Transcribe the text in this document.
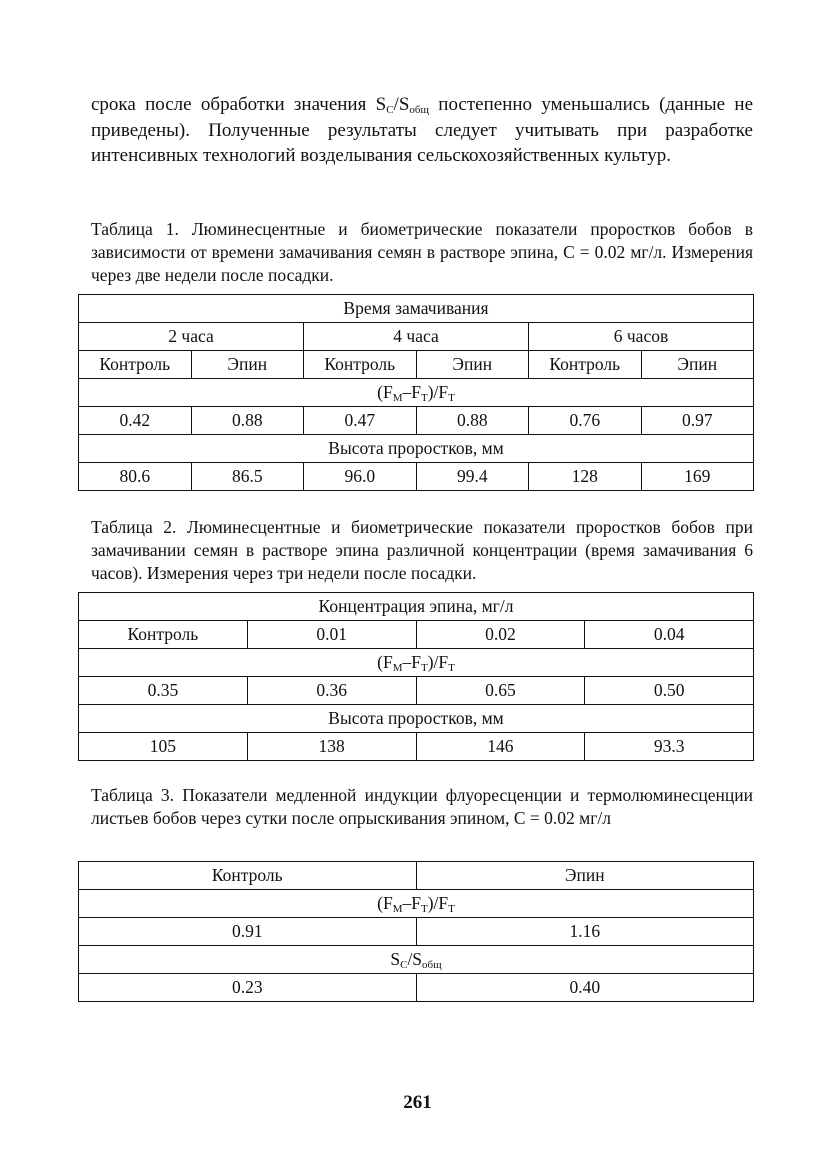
срока после обработки значения $S_C/S_{общ}$ постепенно уменьшались (данные не приведены). Полученные результаты следует учитывать при разработке интенсивных технологий возделывания сельскохозяйственных культур.

Таблица 1. Люминесцентные и биометрические показатели проростков бобов в зависимости от времени замачивания семян в растворе эпина, C = 0.02 мг/л. Измерения через две недели после посадки.

Время замачивания					
2 часа		4 часа		6 часов	
Контроль	Эпин	Контроль	Эпин	Контроль	Эпин
$(F_M-F_T)/F_T$
0.42	0.88	0.47	0.88	0.76	0.97
Высота проростков, мм					
80.6	86.5	96.0	99.4	128	169

Таблица 2. Люминесцентные и биометрические показатели проростков бобов при замачивании семян в растворе эпина различной концентрации (время замачивания 6 часов). Измерения через три недели после посадки.

Концентрация эпина, мг/л			
Контроль	0.01	0.02	0.04
$(F_M-F_T)/F_T$
0.35	0.36	0.65	0.50
Высота проростков, мм			
105	138	146	93.3

Таблица 3. Показатели медленной индукции флуоресценции и термолюминесценции листьев бобов через сутки после опрыскивания эпином, C = 0.02 мг/л

Контроль	Эпин
$(F_M-F_T)/F_T$
0.91	1.16
$S_C/S_{общ}$
0.23	0.40
261
